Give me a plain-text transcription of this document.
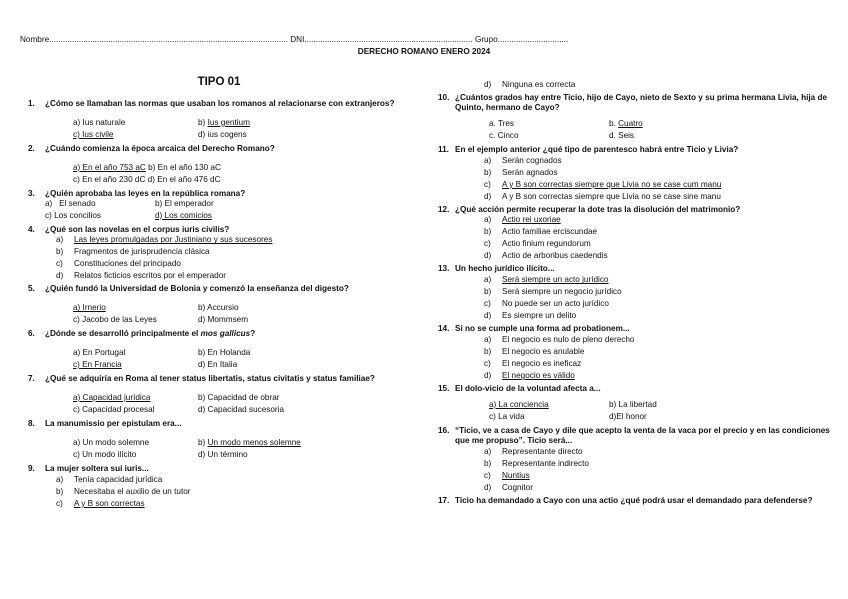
Nombre......................................................................................................... DNI.......................................................................... Grupo...............................
DERECHO ROMANO ENERO 2024
TIPO 01
1.	¿Cómo se llamaban las normas que usaban los romanos al relacionarse con extranjeros?
a) Ius naturale	b) Ius gentium
c) Ius civile	d) ius cogens
2.	¿Cuándo comienza la época arcaica del Derecho Romano?
a) En el año 753 aC b) En el año 130 aC
c) En el año 230 dC d) En el año 476 dC
3.	¿Quién aprobaba las leyes en la república romana?
a)   El senado	b) El emperador
c) Los concilios	d) Los comicios
4.	¿Qué son las novelas en el corpus iuris civilis?
a)	Las leyes promulgadas por Justiniano y sus sucesores
b)	Fragmentos de jurisprudencia clásica
c)	Constituciones del principado
d)	Relatos ficticios escritos por el emperador
5.	¿Quién fundó la Universidad de Bolonia y comenzó la enseñanza del digesto?
a) Irnerio	b) Accursio
c) Jacobo de las Leyes	d) Mommsem
6.	¿Dónde se desarrolló principalmente el mos gallicus?
a) En Portugal	b) En Holanda
c) En Francia	d) En Italia
7.	¿Qué se adquiría en Roma al tener status libertatis, status civitatis y status familiae?
a) Capacidad jurídica	b) Capacidad de obrar
c) Capacidad procesal	d) Capacidad sucesoria
8.	La manumissio per epistulam era...
a) Un modo solemne	b) Un modo menos solemne
c) Un modo ilícito	d) Un término
9.	La mujer soltera sui iuris...
a)	Tenía capacidad jurídica
b)	Necesitaba el auxilio de un tutor
c)	A y B son correctas
d)	Ninguna es correcta
10. ¿Cuántos grados hay entre Ticio, hijo de Cayo, nieto de Sexto y su prima hermana Livia, hija de Quinto, hermano de Cayo?
a. Tres	b. Cuatro
c. Cinco	d. Seis
11. En el ejemplo anterior ¿qué tipo de parentesco habrá entre Ticio y Livia?
a)	Serán cognados
b)	Serán agnados
c)	A y B son correctas siempre que Livia no se case cum manu
d)	A y B son correctas siempre que Livia no se case sine manu
12. ¿Qué acción permite recuperar la dote tras la disolución del matrimonio?
a)	Actio rei uxoriae
b)	Actio familiae erciscundae
c)	Actio finium regundorum
d)	Actio de arboribus caedendis
13. Un hecho jurídico ilícito...
a)	Será siempre un acto jurídico
b)	Será siempre un negocio jurídico
c)	No puede ser un acto jurídico
d)	Es siempre un delito
14. Si no se cumple una forma ad probationem...
a)	El negocio es nulo de pleno derecho
b)	El negocio es anulable
c)	El negocio es ineficaz
d)	El negocio es válido
15. El dolo-vicio de la voluntad afecta a...
a) La conciencia	b) La libertad
c) La vida	d)El honor
16. “Ticio, ve a casa de Cayo y dile que acepto la venta de la vaca por el precio y en las condiciones que me propuso”. Ticio será...
a)	Representante directo
b)	Representante indirecto
c)	Nuntius
d)	Cognitor
17. Ticio ha demandado a Cayo con una actio ¿qué podrá usar el demandado para defenderse?
